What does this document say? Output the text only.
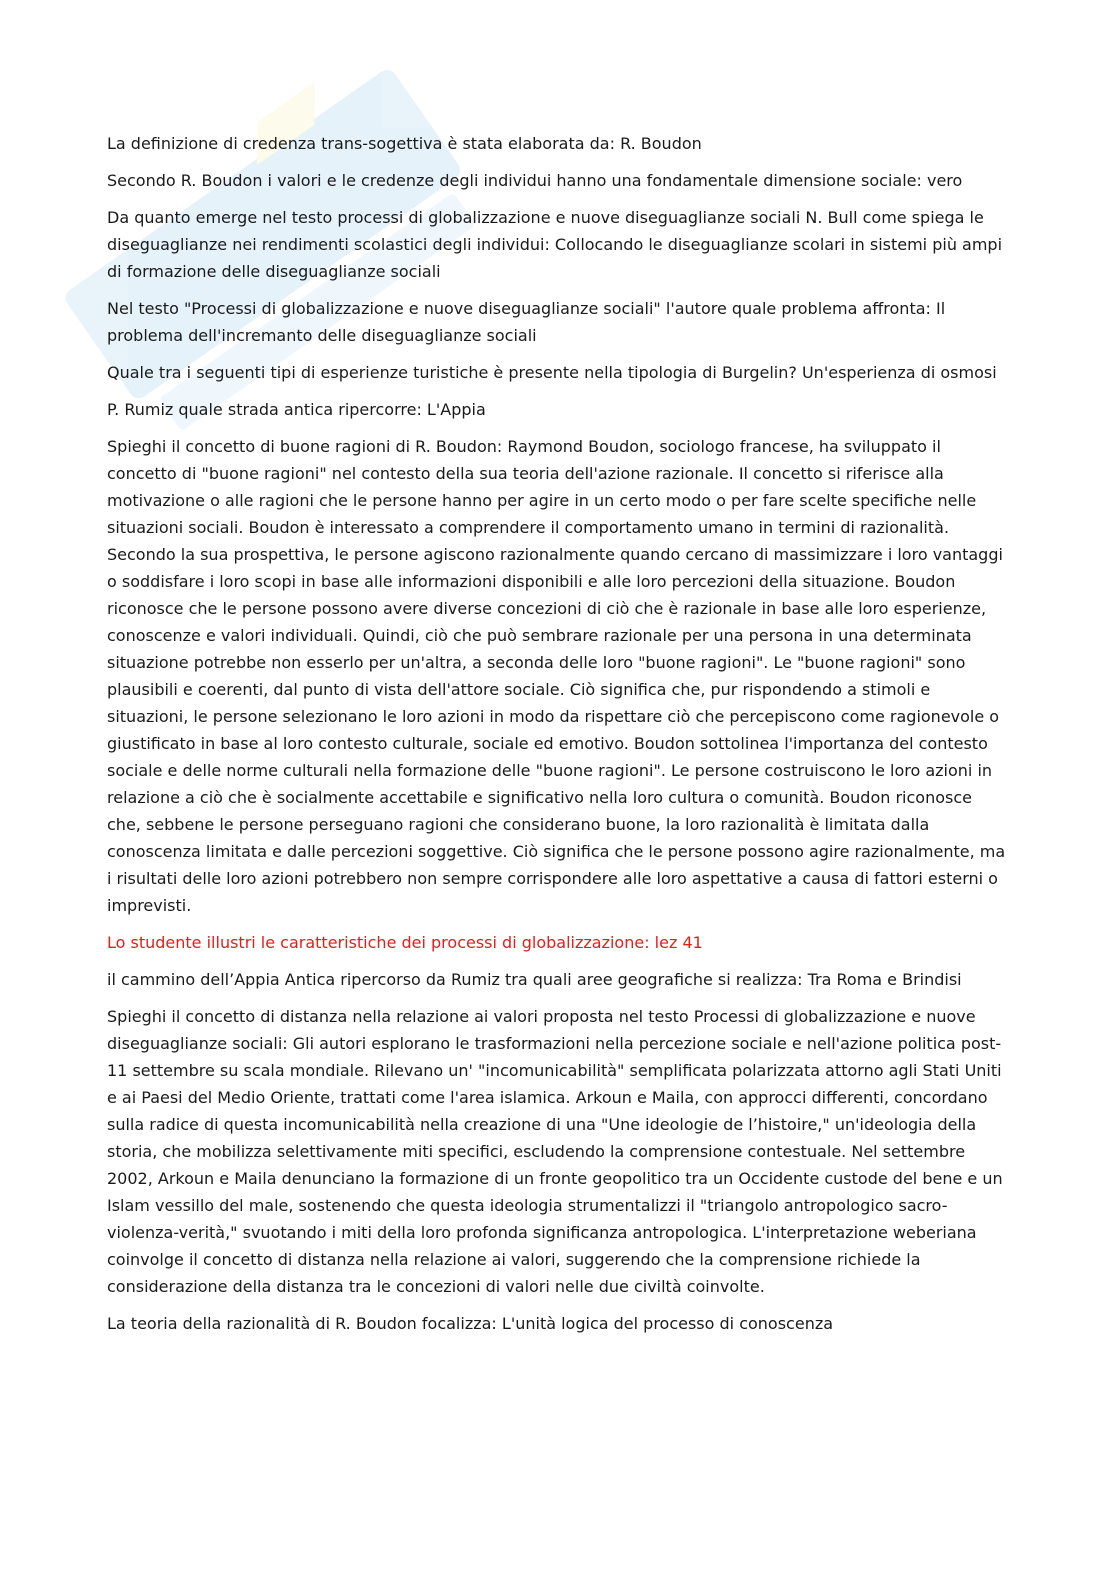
La definizione di credenza trans-sogettiva è stata elaborata da: R. Boudon

Secondo R. Boudon i valori e le credenze degli individui hanno una fondamentale dimensione sociale: vero

Da quanto emerge nel testo processi di globalizzazione e nuove diseguaglianze sociali N. Bull come spiega le diseguaglianze nei rendimenti scolastici degli individui: Collocando le diseguaglianze scolari in sistemi più ampi di formazione delle diseguaglianze sociali

Nel testo "Processi di globalizzazione e nuove diseguaglianze sociali" l'autore quale problema affronta: Il problema dell'incremanto delle diseguaglianze sociali

Quale tra i seguenti tipi di esperienze turistiche è presente nella tipologia di Burgelin? Un'esperienza di osmosi

P. Rumiz quale strada antica ripercorre: L'Appia

Spieghi il concetto di buone ragioni di R. Boudon: Raymond Boudon, sociologo francese, ha sviluppato il concetto di "buone ragioni" nel contesto della sua teoria dell'azione razionale. Il concetto si riferisce alla motivazione o alle ragioni che le persone hanno per agire in un certo modo o per fare scelte specifiche nelle situazioni sociali. Boudon è interessato a comprendere il comportamento umano in termini di razionalità. Secondo la sua prospettiva, le persone agiscono razionalmente quando cercano di massimizzare i loro vantaggi o soddisfare i loro scopi in base alle informazioni disponibili e alle loro percezioni della situazione. Boudon riconosce che le persone possono avere diverse concezioni di ciò che è razionale in base alle loro esperienze, conoscenze e valori individuali. Quindi, ciò che può sembrare razionale per una persona in una determinata situazione potrebbe non esserlo per un'altra, a seconda delle loro "buone ragioni". Le "buone ragioni" sono plausibili e coerenti, dal punto di vista dell'attore sociale. Ciò significa che, pur rispondendo a stimoli e situazioni, le persone selezionano le loro azioni in modo da rispettare ciò che percepiscono come ragionevole o giustificato in base al loro contesto culturale, sociale ed emotivo. Boudon sottolinea l'importanza del contesto sociale e delle norme culturali nella formazione delle "buone ragioni". Le persone costruiscono le loro azioni in relazione a ciò che è socialmente accettabile e significativo nella loro cultura o comunità. Boudon riconosce che, sebbene le persone perseguano ragioni che considerano buone, la loro razionalità è limitata dalla conoscenza limitata e dalle percezioni soggettive. Ciò significa che le persone possono agire razionalmente, ma i risultati delle loro azioni potrebbero non sempre corrispondere alle loro aspettative a causa di fattori esterni o imprevisti.

Lo studente illustri le caratteristiche dei processi di globalizzazione: lez 41

il cammino dell’Appia Antica ripercorso da Rumiz tra quali aree geografiche si realizza: Tra Roma e Brindisi

Spieghi il concetto di distanza nella relazione ai valori proposta nel testo Processi di globalizzazione e nuove diseguaglianze sociali: Gli autori esplorano le trasformazioni nella percezione sociale e nell'azione politica post-11 settembre su scala mondiale. Rilevano un' "incomunicabilità" semplificata polarizzata attorno agli Stati Uniti e ai Paesi del Medio Oriente, trattati come l'area islamica. Arkoun e Maila, con approcci differenti, concordano sulla radice di questa incomunicabilità nella creazione di una "Une ideologie de l’histoire," un'ideologia della storia, che mobilizza selettivamente miti specifici, escludendo la comprensione contestuale. Nel settembre 2002, Arkoun e Maila denunciano la formazione di un fronte geopolitico tra un Occidente custode del bene e un Islam vessillo del male, sostenendo che questa ideologia strumentalizzi il "triangolo antropologico sacro-violenza-verità," svuotando i miti della loro profonda significanza antropologica. L'interpretazione weberiana coinvolge il concetto di distanza nella relazione ai valori, suggerendo che la comprensione richiede la considerazione della distanza tra le concezioni di valori nelle due civiltà coinvolte.

La teoria della razionalità di R. Boudon focalizza: L'unità logica del processo di conoscenza
